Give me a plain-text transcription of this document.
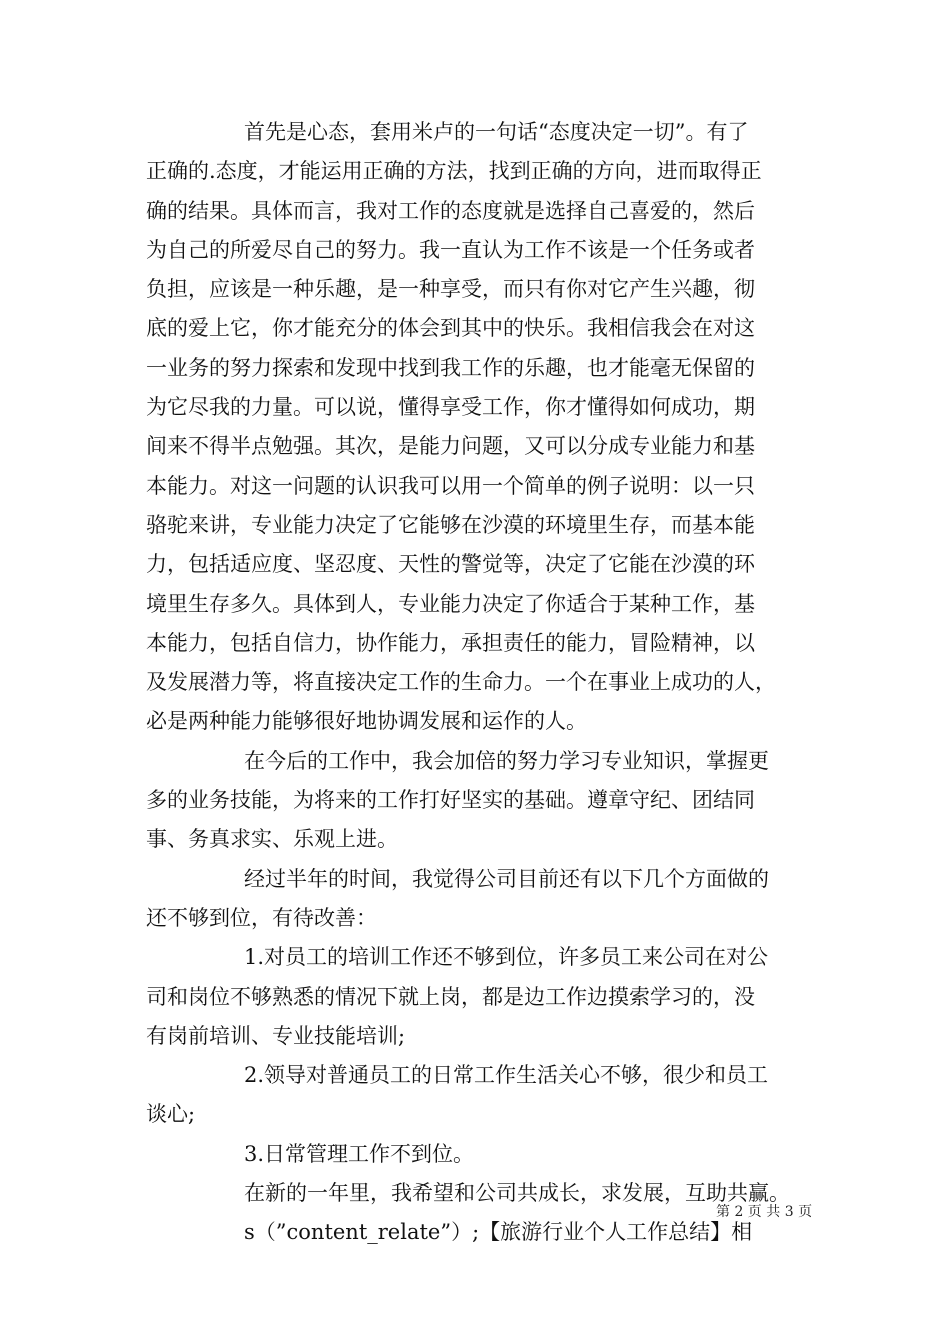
首先是心态，套用米卢的一句话“态度决定一切”。有了
正确的.态度，才能运用正确的方法，找到正确的方向，进而取得正
确的结果。具体而言，我对工作的态度就是选择自己喜爱的，然后
为自己的所爱尽自己的努力。我一直认为工作不该是一个任务或者
负担，应该是一种乐趣，是一种享受，而只有你对它产生兴趣，彻
底的爱上它，你才能充分的体会到其中的快乐。我相信我会在对这
一业务的努力探索和发现中找到我工作的乐趣，也才能毫无保留的
为它尽我的力量。可以说，懂得享受工作，你才懂得如何成功，期
间来不得半点勉强。其次，是能力问题，又可以分成专业能力和基
本能力。对这一问题的认识我可以用一个简单的例子说明：以一只
骆驼来讲，专业能力决定了它能够在沙漠的环境里生存，而基本能
力，包括适应度、坚忍度、天性的警觉等，决定了它能在沙漠的环
境里生存多久。具体到人，专业能力决定了你适合于某种工作，基
本能力，包括自信力，协作能力，承担责任的能力，冒险精神，以
及发展潜力等，将直接决定工作的生命力。一个在事业上成功的人，
必是两种能力能够很好地协调发展和运作的人。
在今后的工作中，我会加倍的努力学习专业知识，掌握更
多的业务技能，为将来的工作打好坚实的基础。遵章守纪、团结同
事、务真求实、乐观上进。
经过半年的时间，我觉得公司目前还有以下几个方面做的
还不够到位，有待改善：
1.对员工的培训工作还不够到位，许多员工来公司在对公
司和岗位不够熟悉的情况下就上岗，都是边工作边摸索学习的，没
有岗前培训、专业技能培训;
2.领导对普通员工的日常工作生活关心不够，很少和员工
谈心;
3.日常管理工作不到位。
在新的一年里，我希望和公司共成长，求发展，互助共赢。
s（”content_relate”）;【旅游行业个人工作总结】相
第 2 页 共 3 页
